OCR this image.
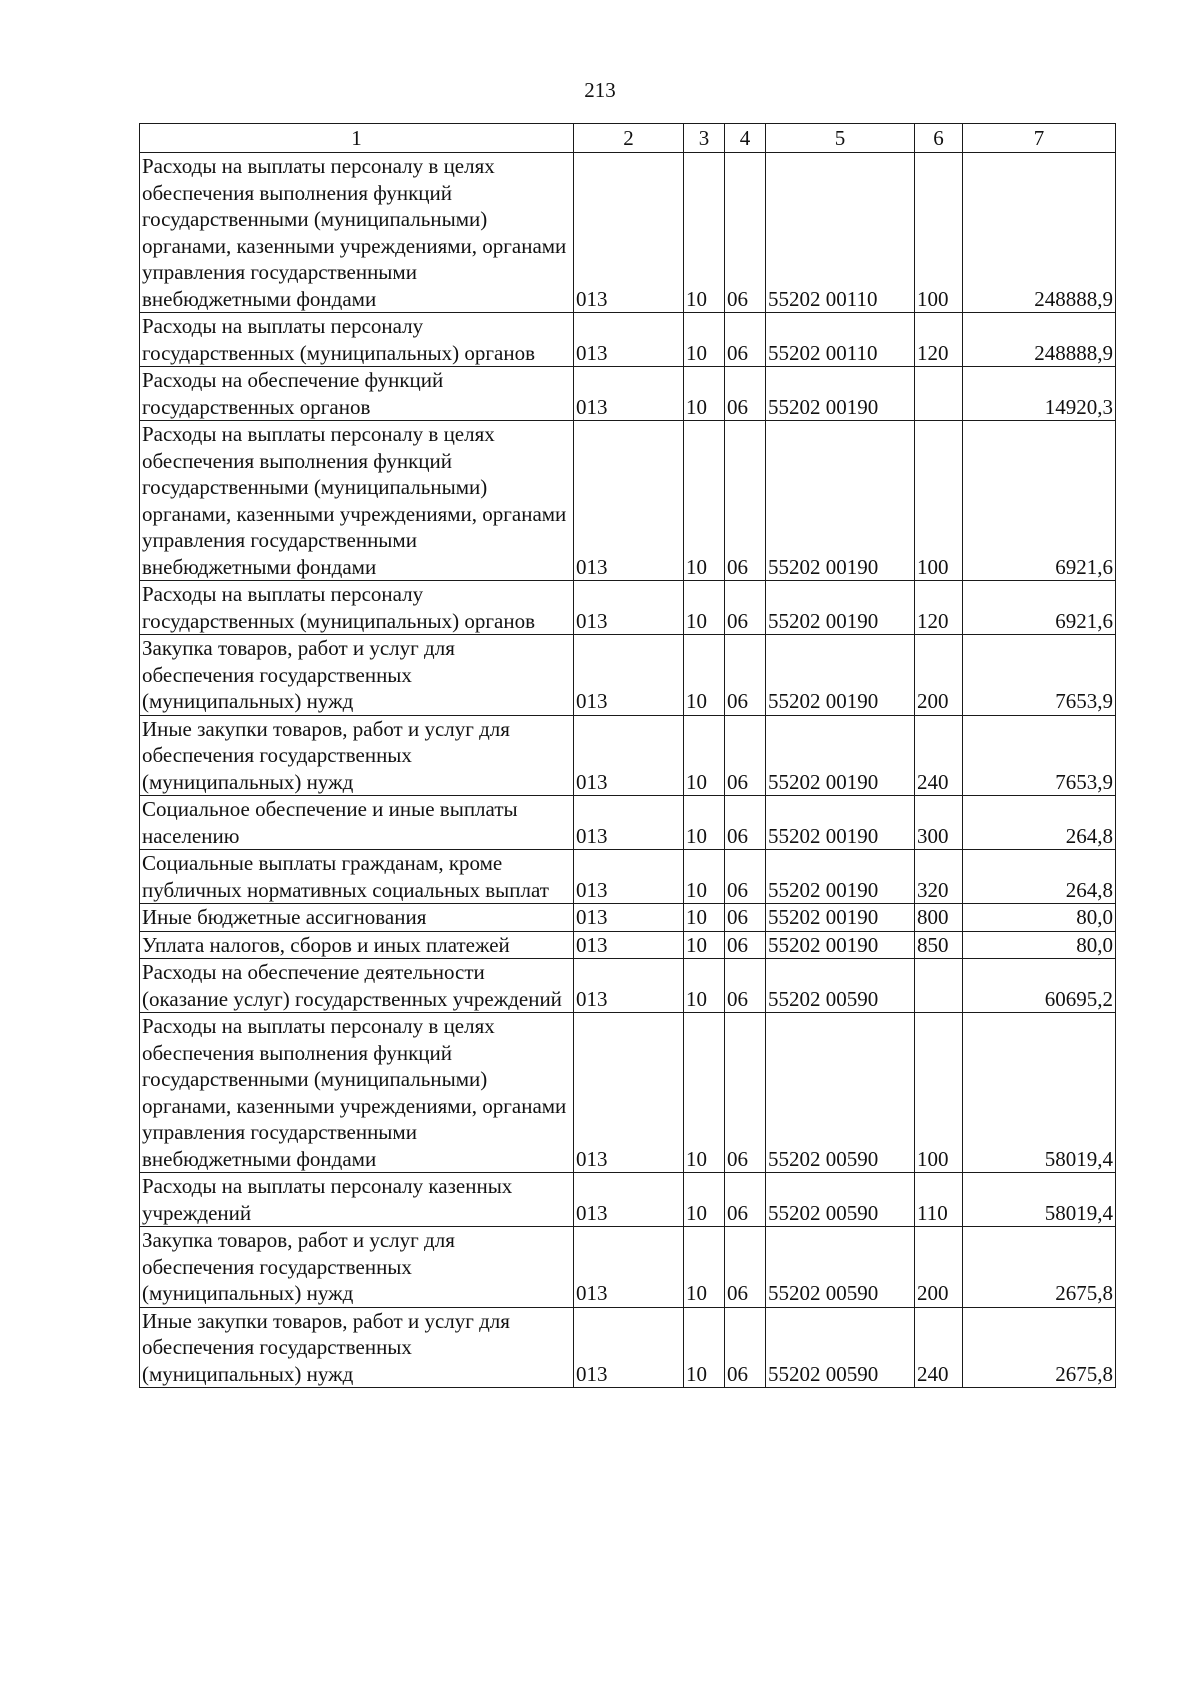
213
1	2	3	4	5	6	7
Расходы на выплаты персоналу в целях обеспечения выполнения функций государственными (муниципальными) органами, казенными учреждениями, органами управления государственными внебюджетными фондами	013	10	06	55202 00110	100	248888,9
Расходы на выплаты персоналу государственных (муниципальных) органов	013	10	06	55202 00110	120	248888,9
Расходы на обеспечение функций государственных органов	013	10	06	55202 00190		14920,3
Расходы на выплаты персоналу в целях обеспечения выполнения функций государственными (муниципальными) органами, казенными учреждениями, органами управления государственными внебюджетными фондами	013	10	06	55202 00190	100	6921,6
Расходы на выплаты персоналу государственных (муниципальных) органов	013	10	06	55202 00190	120	6921,6
Закупка товаров, работ и услуг для обеспечения государственных (муниципальных) нужд	013	10	06	55202 00190	200	7653,9
Иные закупки товаров, работ и услуг для обеспечения государственных (муниципальных) нужд	013	10	06	55202 00190	240	7653,9
Социальное обеспечение и иные выплаты населению	013	10	06	55202 00190	300	264,8
Социальные выплаты гражданам, кроме публичных нормативных социальных выплат	013	10	06	55202 00190	320	264,8
Иные бюджетные ассигнования	013	10	06	55202 00190	800	80,0
Уплата налогов, сборов и иных платежей	013	10	06	55202 00190	850	80,0
Расходы на обеспечение деятельности (оказание услуг) государственных учреждений	013	10	06	55202 00590		60695,2
Расходы на выплаты персоналу в целях обеспечения выполнения функций государственными (муниципальными) органами, казенными учреждениями, органами управления государственными внебюджетными фондами	013	10	06	55202 00590	100	58019,4
Расходы на выплаты персоналу казенных учреждений	013	10	06	55202 00590	110	58019,4
Закупка товаров, работ и услуг для обеспечения государственных (муниципальных) нужд	013	10	06	55202 00590	200	2675,8
Иные закупки товаров, работ и услуг для обеспечения государственных (муниципальных) нужд	013	10	06	55202 00590	240	2675,8
